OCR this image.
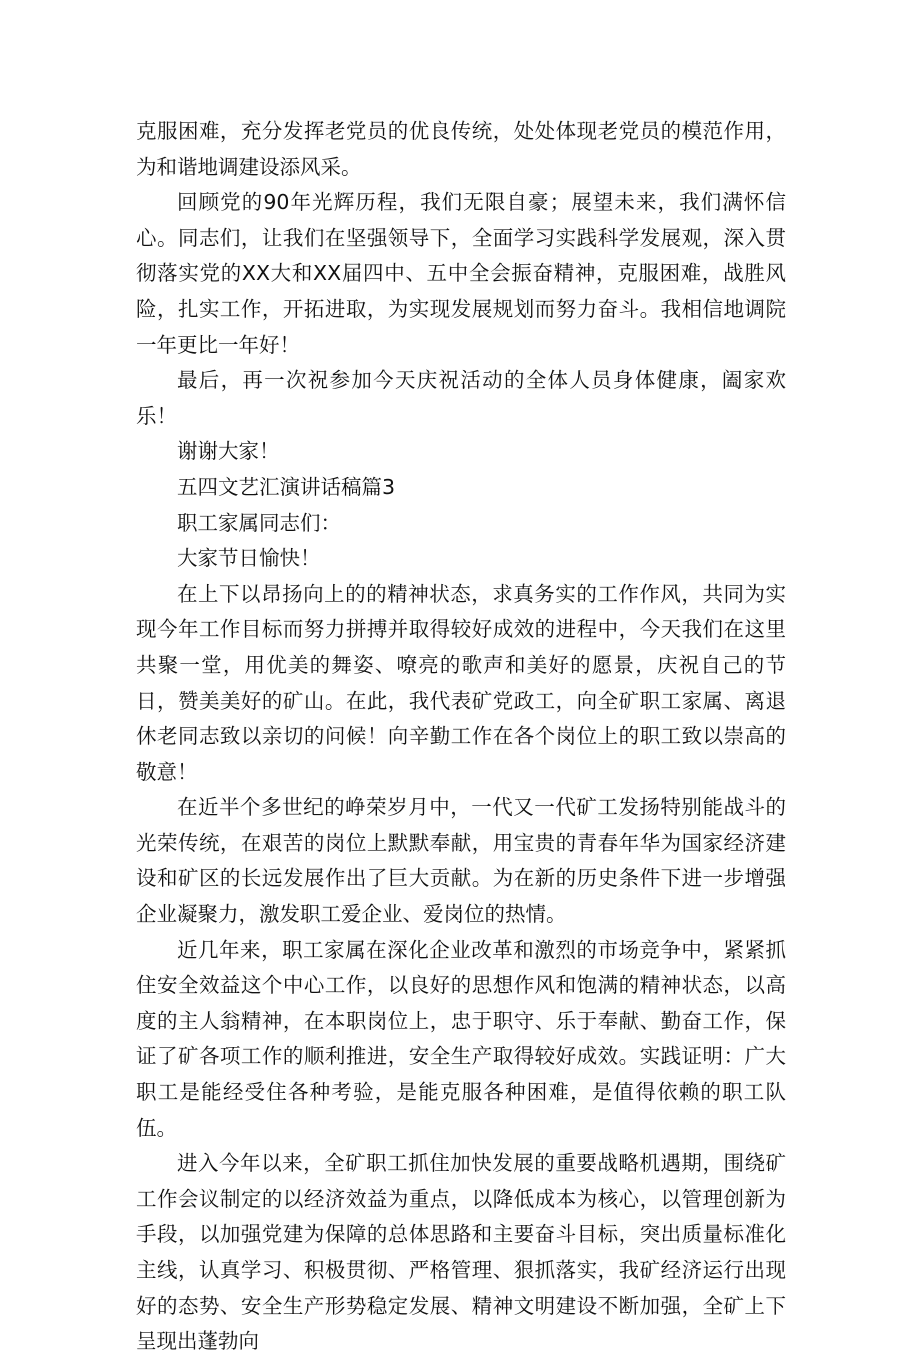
克服困难，充分发挥老党员的优良传统，处处体现老党员的模范作用，为和谐地调建设添风采。

回顾党的90年光辉历程，我们无限自豪；展望未来，我们满怀信心。同志们，让我们在坚强领导下，全面学习实践科学发展观，深入贯彻落实党的XX大和XX届四中、五中全会振奋精神，克服困难，战胜风险，扎实工作，开拓进取，为实现发展规划而努力奋斗。我相信地调院一年更比一年好！

最后，再一次祝参加今天庆祝活动的全体人员身体健康，阖家欢乐！

谢谢大家！

五四文艺汇演讲话稿篇3

职工家属同志们：

大家节日愉快！

在上下以昂扬向上的的精神状态，求真务实的工作作风，共同为实现今年工作目标而努力拼搏并取得较好成效的进程中，今天我们在这里共聚一堂，用优美的舞姿、嘹亮的歌声和美好的愿景，庆祝自己的节日，赞美美好的矿山。在此，我代表矿党政工，向全矿职工家属、离退休老同志致以亲切的问候！向辛勤工作在各个岗位上的职工致以崇高的敬意！

在近半个多世纪的峥荣岁月中，一代又一代矿工发扬特别能战斗的光荣传统，在艰苦的岗位上默默奉献，用宝贵的青春年华为国家经济建设和矿区的长远发展作出了巨大贡献。为在新的历史条件下进一步增强企业凝聚力，激发职工爱企业、爱岗位的热情。

近几年来，职工家属在深化企业改革和激烈的市场竞争中，紧紧抓住安全效益这个中心工作，以良好的思想作风和饱满的精神状态，以高度的主人翁精神，在本职岗位上，忠于职守、乐于奉献、勤奋工作，保证了矿各项工作的顺利推进，安全生产取得较好成效。实践证明：广大职工是能经受住各种考验，是能克服各种困难，是值得依赖的职工队伍。

进入今年以来，全矿职工抓住加快发展的重要战略机遇期，围绕矿工作会议制定的以经济效益为重点，以降低成本为核心，以管理创新为手段，以加强党建为保障的总体思路和主要奋斗目标，突出质量标准化主线，认真学习、积极贯彻、严格管理、狠抓落实，我矿经济运行出现好的态势、安全生产形势稳定发展、精神文明建设不断加强，全矿上下呈现出蓬勃向
